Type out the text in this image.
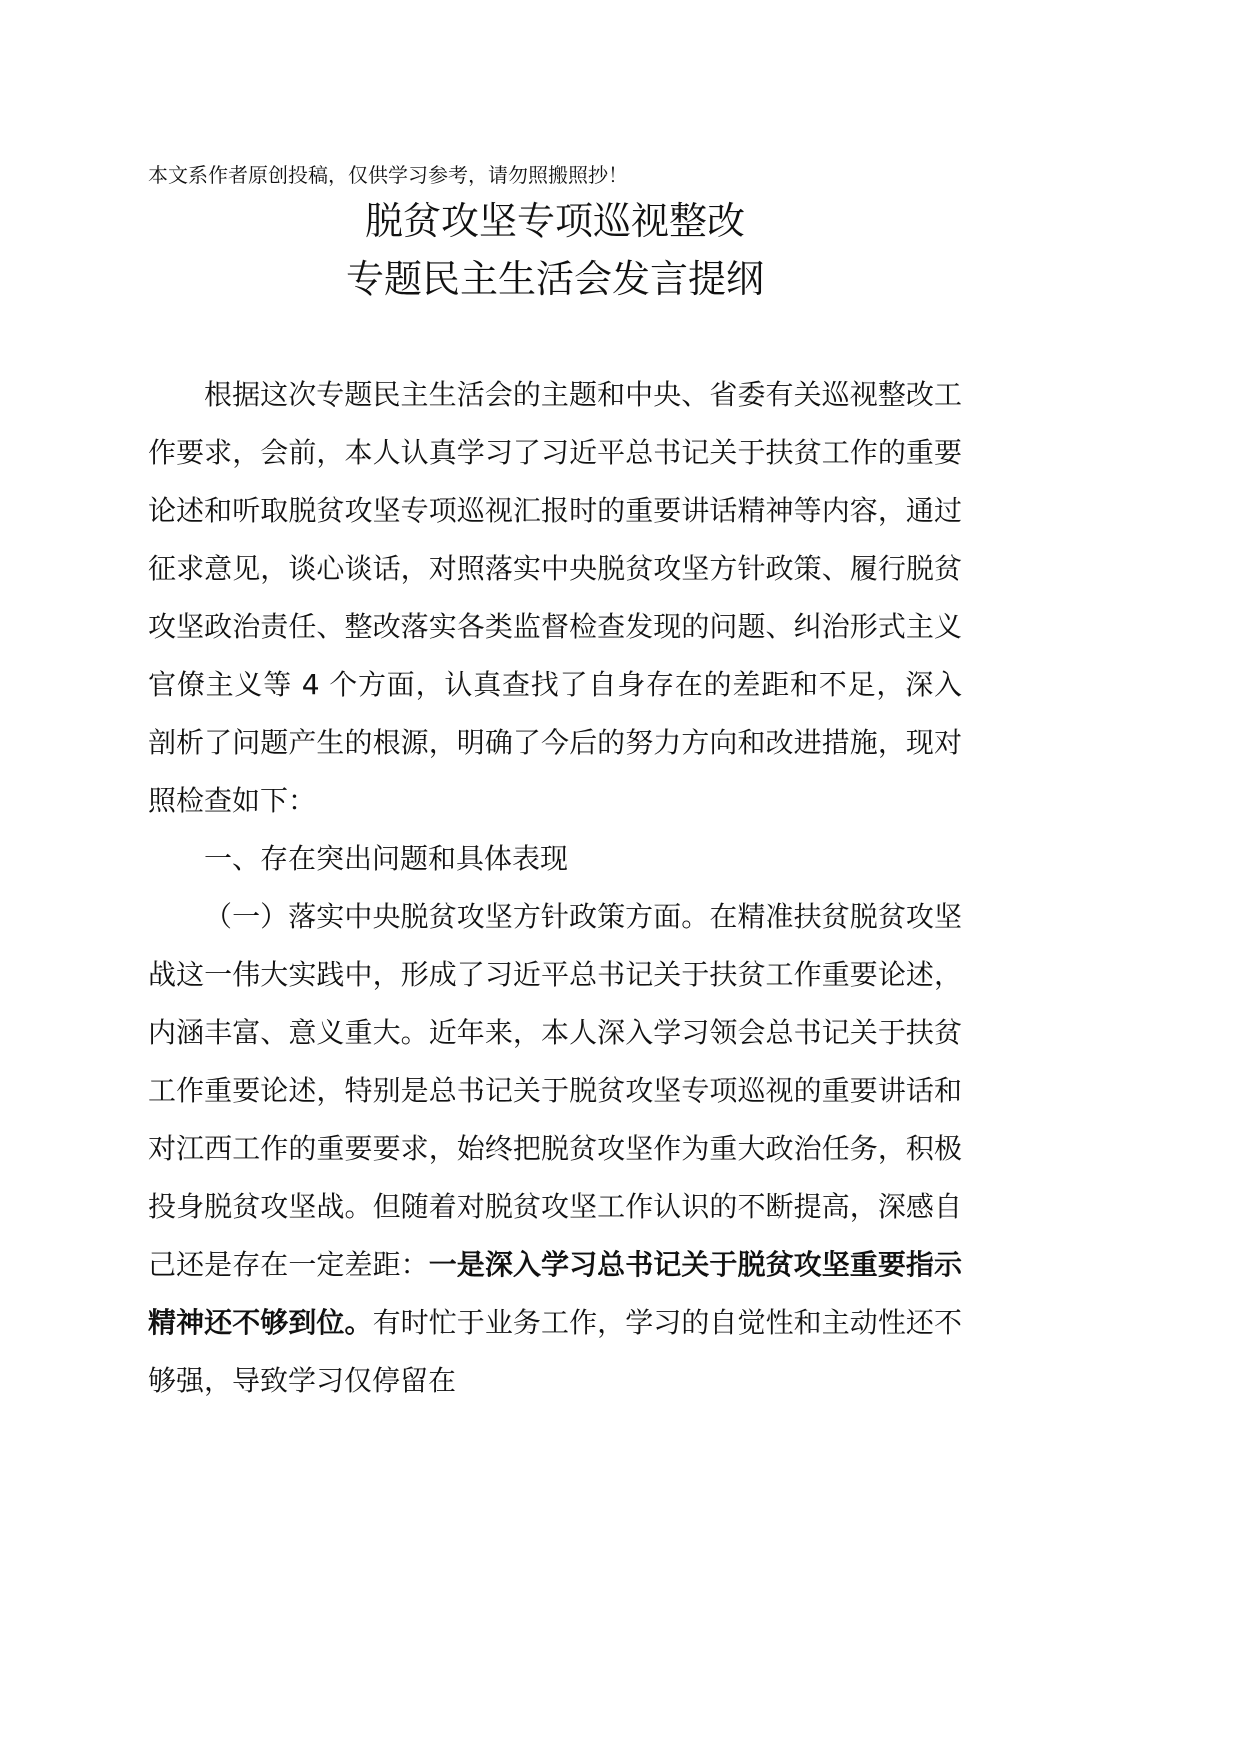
本文系作者原创投稿，仅供学习参考，请勿照搬照抄！
脱贫攻坚专项巡视整改
专题民主生活会发言提纲

根据这次专题民主生活会的主题和中央、省委有关巡视整改工作要求，会前，本人认真学习了习近平总书记关于扶贫工作的重要论述和听取脱贫攻坚专项巡视汇报时的重要讲话精神等内容，通过征求意见，谈心谈话，对照落实中央脱贫攻坚方针政策、履行脱贫攻坚政治责任、整改落实各类监督检查发现的问题、纠治形式主义官僚主义等 4 个方面，认真查找了自身存在的差距和不足，深入剖析了问题产生的根源，明确了今后的努力方向和改进措施，现对照检查如下：

一、存在突出问题和具体表现

（一）落实中央脱贫攻坚方针政策方面。在精准扶贫脱贫攻坚战这一伟大实践中，形成了习近平总书记关于扶贫工作重要论述，内涵丰富、意义重大。近年来，本人深入学习领会总书记关于扶贫工作重要论述，特别是总书记关于脱贫攻坚专项巡视的重要讲话和对江西工作的重要要求，始终把脱贫攻坚作为重大政治任务，积极投身脱贫攻坚战。但随着对脱贫攻坚工作认识的不断提高，深感自己还是存在一定差距：一是深入学习总书记关于脱贫攻坚重要指示精神还不够到位。有时忙于业务工作，学习的自觉性和主动性还不够强，导致学习仅停留在
